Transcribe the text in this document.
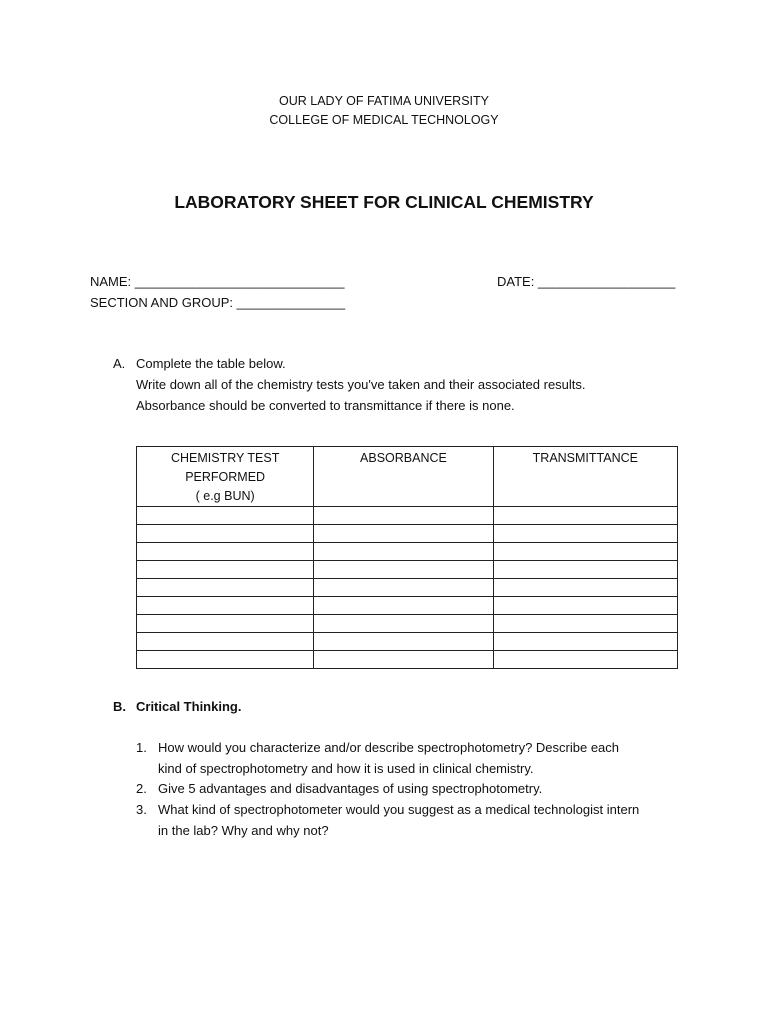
OUR LADY OF FATIMA UNIVERSITY
COLLEGE OF MEDICAL TECHNOLOGY
LABORATORY SHEET FOR CLINICAL CHEMISTRY
NAME: _____________________________	DATE: ___________________
SECTION AND GROUP: _______________
A. Complete the table below.
Write down all of the chemistry tests you've taken and their associated results.
Absorbance should be converted to transmittance if there is none.
CHEMISTRY TEST
PERFORMED
( e.g BUN)	ABSORBANCE	TRANSMITTANCE

B. Critical Thinking.
1. How would you characterize and/or describe spectrophotometry? Describe each
kind of spectrophotometry and how it is used in clinical chemistry.
2. Give 5 advantages and disadvantages of using spectrophotometry.
3. What kind of spectrophotometer would you suggest as a medical technologist intern
in the lab? Why and why not?
